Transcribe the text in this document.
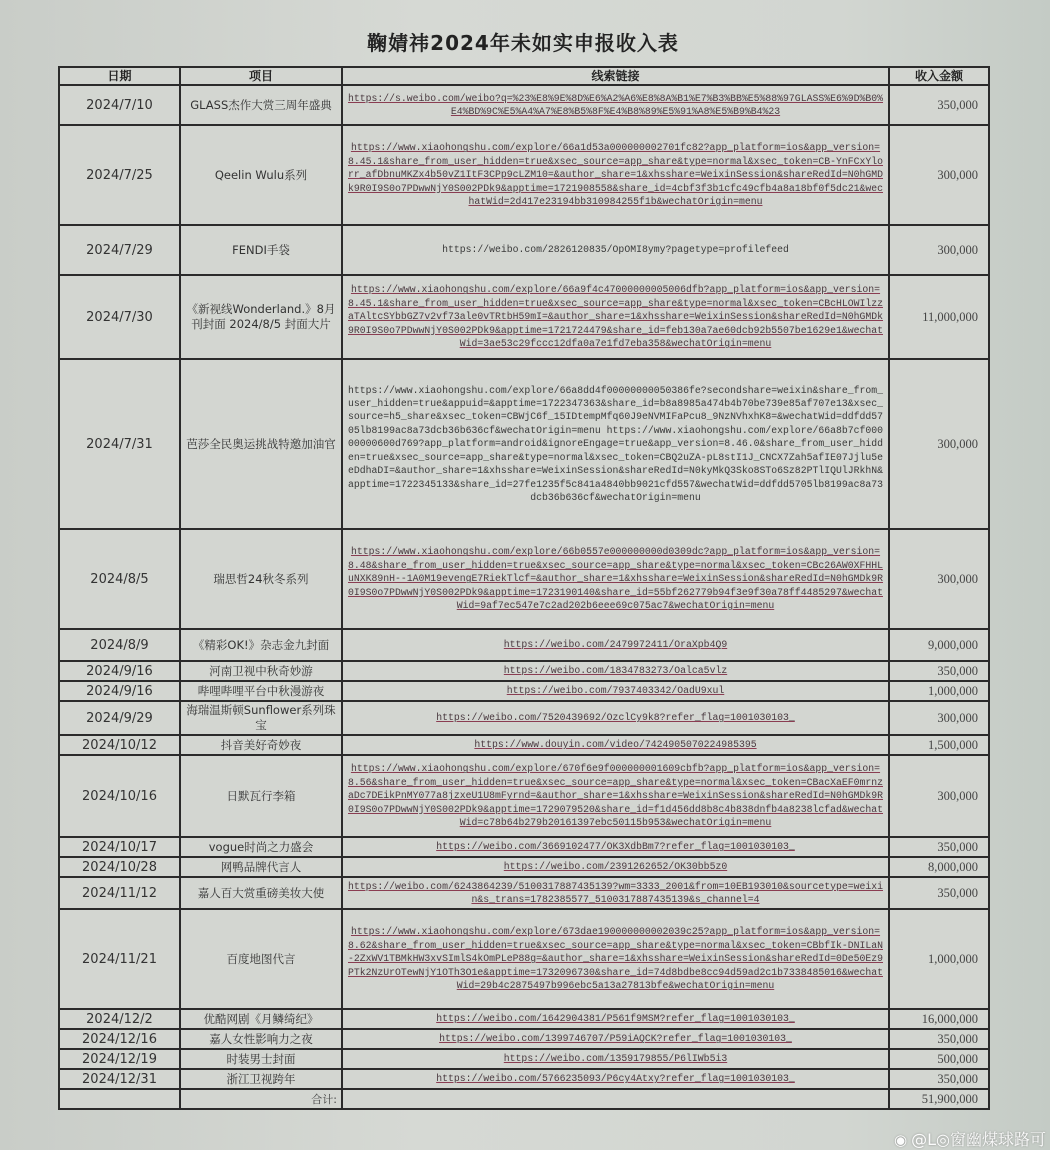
鞠婧祎2024年未如实申报收入表
日期	项目	线索链接	收入金额
2024/7/10	GLASS杰作大赏三周年盛典	https://s.weibo.com/weibo?q=%23%E8%9E%8D%E6%A2%A6%E8%8A%B1%E7%B3%BB%E5%88%97GLASS%E6%9D%B0%E4%BD%9C%E5%A4%A7%E8%B5%8F%E4%B8%89%E5%91%A8%E5%B9%B4%23	350,000
2024/7/25	Qeelin Wulu系列	https://www.xiaohongshu.com/explore/66a1d53a000000002701fc82?app_platform=ios&app_version=8.45.1&share_from_user_hidden=true&xsec_source=app_share&type=normal&xsec_token=CB-YnFCxYlorr_afDbnuMKZx4b50vZ1ItF3CPp9cLZM10=&author_share=1&xhsshare=WeixinSession&shareRedId=N0hGMDk9R0I9S0o7PDwwNjY0S002PDk9&apptime=1721908558&share_id=4cbf3f3b1cfc49cfb4a8a18bf0f5dc21&wechatWid=2d417e23194bb310984255f1b&wechatOrigin=menu	300,000
2024/7/29	FENDI手袋	https://weibo.com/2826120835/OpOMI8ymy?pagetype=profilefeed	300,000
2024/7/30	《新视线Wonderland.》8月刊封面 2024/8/5 封面大片	https://www.xiaohongshu.com/explore/66a9f4c47000000005006dfb?app_platform=ios&app_version=8.45.1&share_from_user_hidden=true&xsec_source=app_share&type=normal&xsec_token=CBcHLOWIlzzaTAltcSYbbGZ7v2vf73ale0vTRtbH59mI=&author_share=1&xhsshare=WeixinSession&shareRedId=N0hGMDk9R0I9S0o7PDwwNjY0S002PDk9&apptime=1721724479&share_id=feb130a7ae60dcb92b5507be1629e1&wechatWid=3ae53c29fccc12dfa0a7e1fd7eba358&wechatOrigin=menu	11,000,000
2024/7/31	芭莎全民奥运挑战特邀加油官	https://www.xiaohongshu.com/explore/66a8dd4f00000000050386fe?secondshare=weixin&share_from_user_hidden=true&appuid=&apptime=1722347363&share_id=b8a8985a474b4b70be739e85af707e13&xsec_source=h5_share&xsec_token=CBWjC6f_15IDtempMfq60J9eNVMIFaPcu8_9NzNVhxhK8=&wechatWid=ddfdd5705lb8199ac8a73dcb36b636cf&wechatOrigin=menu https://www.xiaohongshu.com/explore/66a8b7cf00000000600d769?app_platform=android&ignoreEngage=true&app_version=8.46.0&share_from_user_hidden=true&xsec_source=app_share&type=normal&xsec_token=CBQ2uZA-pL8stI1J_CNCX7Zah5afIE07Jjlu5eeDdhaDI=&author_share=1&xhsshare=WeixinSession&shareRedId=N0kyMkQ3Sko8STo6Sz82PTlIQUlJRkhN&apptime=1722345133&share_id=27fe1235f5c841a4840bb9021cfd557&wechatWid=ddfdd5705lb8199ac8a73dcb36b636cf&wechatOrigin=menu	300,000
2024/8/5	瑞思哲24秋冬系列	https://www.xiaohongshu.com/explore/66b0557e000000000d0309dc?app_platform=ios&app_version=8.48&share_from_user_hidden=true&xsec_source=app_share&type=normal&xsec_token=CBc26AW0XFHHLuNXK89nH--1A0M19evengE7RiekTlcf=&author_share=1&xhsshare=WeixinSession&shareRedId=N0hGMDk9R0I9S0o7PDwwNjY0S002PDk9&apptime=1723190140&share_id=55bf262779b94f3e9f30a78ff4485297&wechatWid=9af7ec547e7c2ad202b6eee69c075ac7&wechatOrigin=menu	300,000
2024/8/9	《精彩OK!》杂志金九封面	https://weibo.com/2479972411/OraXpb4Q9	9,000,000
2024/9/16	河南卫视中秋奇妙游	https://weibo.com/1834783273/Oalca5vlz	350,000
2024/9/16	哔哩哔哩平台中秋漫游夜	https://weibo.com/7937403342/OadU9xul	1,000,000
2024/9/29	海瑞温斯顿Sunflower系列珠宝	https://weibo.com/7520439692/OzclCy9k8?refer_flag=1001030103_	300,000
2024/10/12	抖音美好奇妙夜	https://www.douyin.com/video/7424905070224985395	1,500,000
2024/10/16	日默瓦行李箱	https://www.xiaohongshu.com/explore/670f6e9f000000001609cbfb?app_platform=ios&app_version=8.56&share_from_user_hidden=true&xsec_source=app_share&type=normal&xsec_token=CBacXaEF0mrnzaDc7DEikPnMY077a8jzxeU1U8mFyrnd=&author_share=1&xhsshare=WeixinSession&shareRedId=N0hGMDk9R0I9S0o7PDwwNjY0S002PDk9&apptime=1729079520&share_id=f1d456dd8b8c4b838dnfb4a8238lcfad&wechatWid=c78b64b279b20161397ebc50115b953&wechatOrigin=menu	300,000
2024/10/17	vogue时尚之力盛会	https://weibo.com/3669102477/OK3XdbBm7?refer_flag=1001030103_	350,000
2024/10/28	网鸭品牌代言人	https://weibo.com/2391262652/OK30bb5z0	8,000,000
2024/11/12	嘉人百大赏重磅美妆大使	https://weibo.com/6243864239/5100317887435139?wm=3333_2001&from=10EB193010&sourcetype=weixin&s_trans=1782385577_5100317887435139&s_channel=4	350,000
2024/11/21	百度地图代言	https://www.xiaohongshu.com/explore/673dae190000000002039c25?app_platform=ios&app_version=8.62&share_from_user_hidden=true&xsec_source=app_share&type=normal&xsec_token=CBbfIk-DNILaN-2ZxWV1TBMkHW3xvSImlS4kOmPLeP88g=&author_share=1&xhsshare=WeixinSession&shareRedId=0De50Ez9PTk2NzUrOTewNjY1OTh3O1e&apptime=1732096730&share_id=74d8bdbe8cc94d59ad2c1b7338485016&wechatWid=29b4c2875497b996ebc5a13a27813bfe&wechatOrigin=menu	1,000,000
2024/12/2	优酷网剧《月鳞绮纪》	https://weibo.com/1642904381/P561f9MSM?refer_flag=1001030103_	16,000,000
2024/12/16	嘉人女性影响力之夜	https://weibo.com/1399746707/P59iAQCK?refer_flag=1001030103_	350,000
2024/12/19	时装男士封面	https://weibo.com/1359179855/P6lIWb5i3	500,000
2024/12/31	浙江卫视跨年	https://weibo.com/5766235093/P6cy4Atxy?refer_flag=1001030103_	350,000
	合计:		51,900,000
◉ @L◎窗幽煤球路可
